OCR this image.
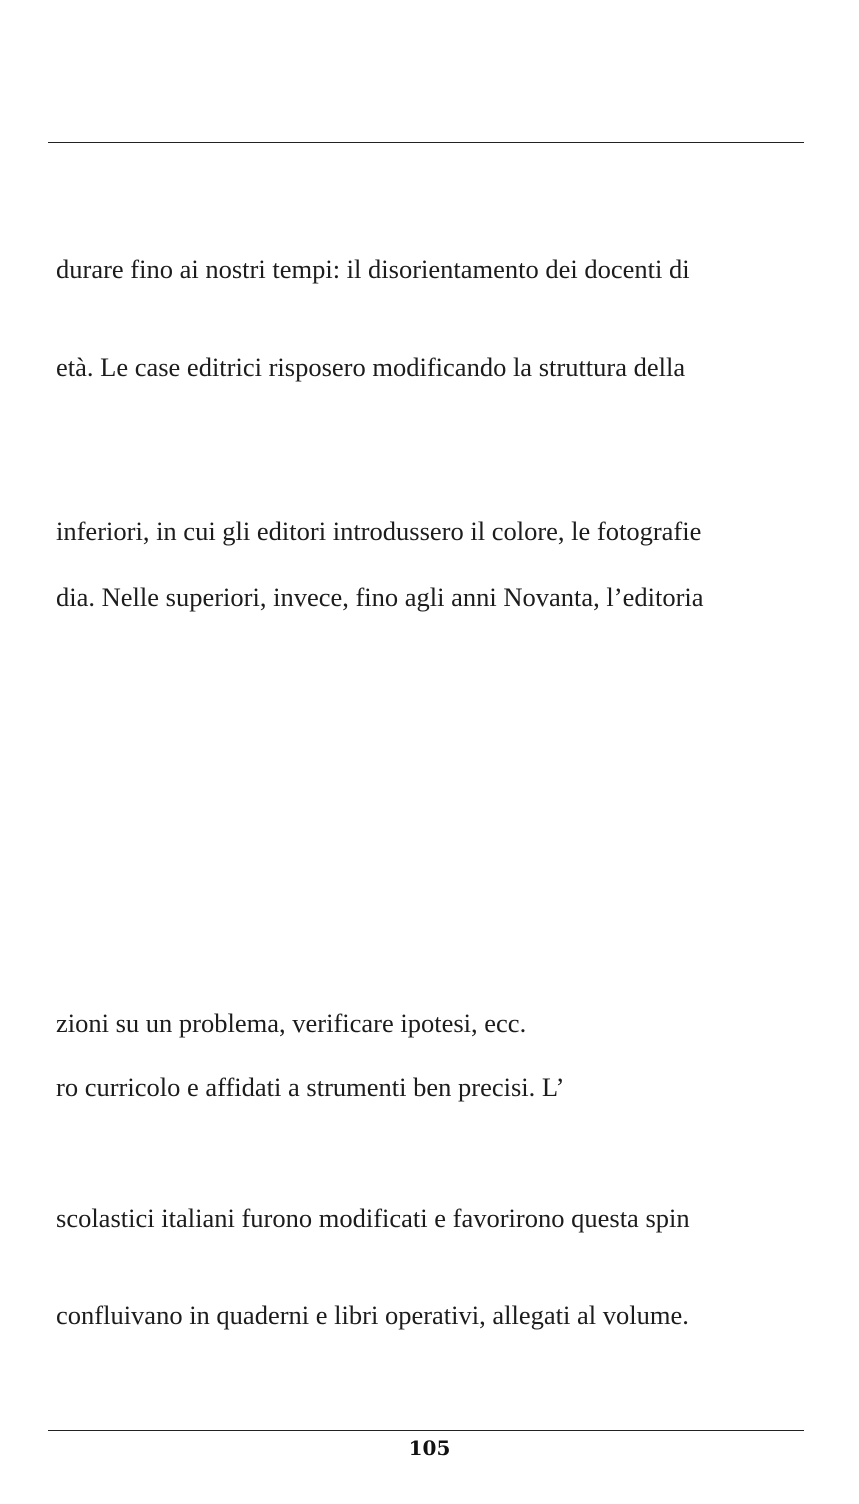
durare fino ai nostri tempi: il disorientamento dei docenti di

età. Le case editrici risposero modificando la struttura della

inferiori, in cui gli editori introdussero il colore, le fotografie

dia. Nelle superiori, invece, fino agli anni Novanta, l’editoria

zioni su un problema, verificare ipotesi, ecc.

ro curricolo e affidati a strumenti ben precisi. L’

scolastici italiani furono modificati e favorirono questa spin

confluivano in quaderni e libri operativi, allegati al volume.

105
